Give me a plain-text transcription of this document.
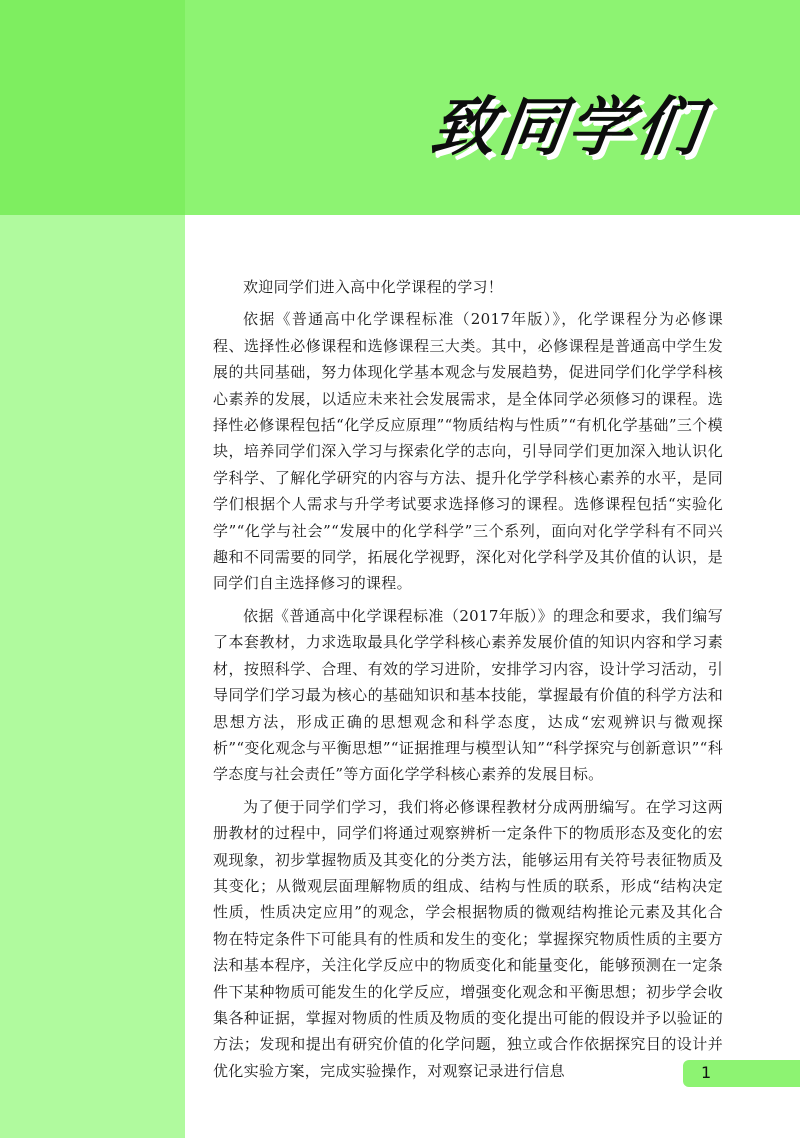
致同学们

欢迎同学们进入高中化学课程的学习！

依据《普通高中化学课程标准（2017年版）》，化学课程分为必修课程、选择性必修课程和选修课程三大类。其中，必修课程是普通高中学生发展的共同基础，努力体现化学基本观念与发展趋势，促进同学们化学学科核心素养的发展，以适应未来社会发展需求，是全体同学必须修习的课程。选择性必修课程包括“化学反应原理”“物质结构与性质”“有机化学基础”三个模块，培养同学们深入学习与探索化学的志向，引导同学们更加深入地认识化学科学、了解化学研究的内容与方法、提升化学学科核心素养的水平，是同学们根据个人需求与升学考试要求选择修习的课程。选修课程包括“实验化学”“化学与社会”“发展中的化学科学”三个系列，面向对化学学科有不同兴趣和不同需要的同学，拓展化学视野，深化对化学科学及其价值的认识，是同学们自主选择修习的课程。

依据《普通高中化学课程标准（2017年版）》的理念和要求，我们编写了本套教材，力求选取最具化学学科核心素养发展价值的知识内容和学习素材，按照科学、合理、有效的学习进阶，安排学习内容，设计学习活动，引导同学们学习最为核心的基础知识和基本技能，掌握最有价值的科学方法和思想方法，形成正确的思想观念和科学态度，达成“宏观辨识与微观探析”“变化观念与平衡思想”“证据推理与模型认知”“科学探究与创新意识”“科学态度与社会责任”等方面化学学科核心素养的发展目标。

为了便于同学们学习，我们将必修课程教材分成两册编写。在学习这两册教材的过程中，同学们将通过观察辨析一定条件下的物质形态及变化的宏观现象，初步掌握物质及其变化的分类方法，能够运用有关符号表征物质及其变化；从微观层面理解物质的组成、结构与性质的联系，形成“结构决定性质，性质决定应用”的观念，学会根据物质的微观结构推论元素及其化合物在特定条件下可能具有的性质和发生的变化；掌握探究物质性质的主要方法和基本程序，关注化学反应中的物质变化和能量变化，能够预测在一定条件下某种物质可能发生的化学反应，增强变化观念和平衡思想；初步学会收集各种证据，掌握对物质的性质及物质的变化提出可能的假设并予以验证的方法；发现和提出有研究价值的化学问题，独立或合作依据探究目的设计并优化实验方案，完成实验操作，对观察记录进行信息	1
